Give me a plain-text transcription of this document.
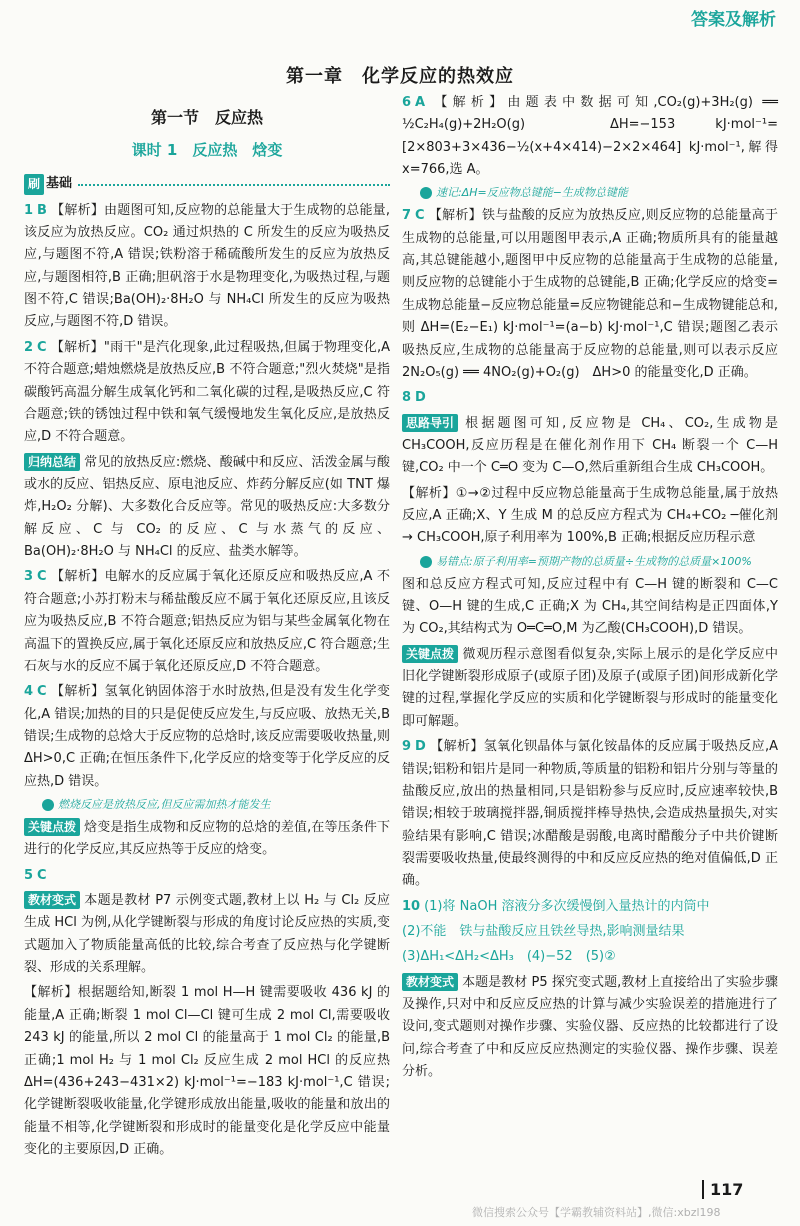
答案及解析
第一章　化学反应的热效应
第一节　反应热
课时 1　反应热　焓变
刷 基础
1 B 【解析】由题图可知,反应物的总能量大于生成物的总能量,该反应为放热反应。CO₂ 通过炽热的 C 所发生的反应为吸热反应,与题图不符,A 错误;铁粉溶于稀硫酸所发生的反应为放热反应,与题图相符,B 正确;胆矾溶于水是物理变化,为吸热过程,与题图不符,C 错误;Ba(OH)₂·8H₂O 与 NH₄Cl 所发生的反应为吸热反应,与题图不符,D 错误。
2 C 【解析】"雨干"是汽化现象,此过程吸热,但属于物理变化,A 不符合题意;蜡烛燃烧是放热反应,B 不符合题意;"烈火焚烧"是指碳酸钙高温分解生成氧化钙和二氧化碳的过程,是吸热反应,C 符合题意;铁的锈蚀过程中铁和氧气缓慢地发生氧化反应,是放热反应,D 不符合题意。
归纳总结 常见的放热反应:燃烧、酸碱中和反应、活泼金属与酸或水的反应、铝热反应、原电池反应、炸药分解反应(如 TNT 爆炸,H₂O₂ 分解)、大多数化合反应等。常见的吸热反应:大多数分解反应、C 与 CO₂ 的反应、C 与水蒸气的反应、Ba(OH)₂·8H₂O 与 NH₄Cl 的反应、盐类水解等。
3 C 【解析】电解水的反应属于氧化还原反应和吸热反应,A 不符合题意;小苏打粉末与稀盐酸反应不属于氧化还原反应,且该反应为吸热反应,B 不符合题意;铝热反应为铝与某些金属氧化物在高温下的置换反应,属于氧化还原反应和放热反应,C 符合题意;生石灰与水的反应不属于氧化还原反应,D 不符合题意。
4 C 【解析】氢氧化钠固体溶于水时放热,但是没有发生化学变化,A 错误;加热的目的只是促使反应发生,与反应吸、放热无关,B 错误;生成物的总焓大于反应物的总焓时,该反应需要吸收热量,则 ΔH>0,C 正确;在恒压条件下,化学反应的焓变等于化学反应的反应热,D 错误。
燃烧反应是放热反应,但反应需加热才能发生
关键点拨 焓变是指生成物和反应物的总焓的差值,在等压条件下进行的化学反应,其反应热等于反应的焓变。
5 C
教材变式 本题是教材 P7 示例变式题,教材上以 H₂ 与 Cl₂ 反应生成 HCl 为例,从化学键断裂与形成的角度讨论反应热的实质,变式题加入了物质能量高低的比较,综合考查了反应热与化学键断裂、形成的关系理解。
【解析】根据题给知,断裂 1 mol H—H 键需要吸收 436 kJ 的能量,A 正确;断裂 1 mol Cl—Cl 键可生成 2 mol Cl,需要吸收 243 kJ 的能量,所以 2 mol Cl 的能量高于 1 mol Cl₂ 的能量,B 正确;1 mol H₂ 与 1 mol Cl₂ 反应生成 2 mol HCl 的反应热 ΔH=(436+243−431×2) kJ·mol⁻¹=−183 kJ·mol⁻¹,C 错误;化学键断裂吸收能量,化学键形成放出能量,吸收的能量和放出的能量不相等,化学键断裂和形成时的能量变化是化学反应中能量变化的主要原因,D 正确。
6 A 【解析】由题表中数据可知,CO₂(g)+3H₂(g) ══ ½C₂H₄(g)+2H₂O(g)　ΔH=−153 kJ·mol⁻¹=[2×803+3×436−½(x+4×414)−2×2×464] kJ·mol⁻¹,解得 x=766,选 A。
速记:ΔH=反应物总键能−生成物总键能
7 C 【解析】铁与盐酸的反应为放热反应,则反应物的总能量高于生成物的总能量,可以用题图甲表示,A 正确;物质所具有的能量越高,其总键能越小,题图甲中反应物的总能量高于生成物的总能量,则反应物的总键能小于生成物的总键能,B 正确;化学反应的焓变=生成物总能量−反应物总能量=反应物键能总和−生成物键能总和,则 ΔH=(E₂−E₁) kJ·mol⁻¹=(a−b) kJ·mol⁻¹,C 错误;题图乙表示吸热反应,生成物的总能量高于反应物的总能量,则可以表示反应 2N₂O₅(g) ══ 4NO₂(g)+O₂(g)　ΔH>0 的能量变化,D 正确。
8 D
思路导引 根据题图可知,反应物是 CH₄、CO₂,生成物是 CH₃COOH,反应历程是在催化剂作用下 CH₄ 断裂一个 C—H 键,CO₂ 中一个 C═O 变为 C—O,然后重新组合生成 CH₃COOH。
【解析】①→②过程中反应物总能量高于生成物总能量,属于放热反应,A 正确;X、Y 生成 M 的总反应方程式为 CH₄+CO₂ ─催化剂→ CH₃COOH,原子利用率为 100%,B 正确;根据反应历程示意
易错点:原子利用率=预期产物的总质量÷生成物的总质量×100%
图和总反应方程式可知,反应过程中有 C—H 键的断裂和 C—C 键、O—H 键的生成,C 正确;X 为 CH₄,其空间结构是正四面体,Y 为 CO₂,其结构式为 O═C═O,M 为乙酸(CH₃COOH),D 错误。
关键点拨 微观历程示意图看似复杂,实际上展示的是化学反应中旧化学键断裂形成原子(或原子团)及原子(或原子团)间形成新化学键的过程,掌握化学反应的实质和化学键断裂与形成时的能量变化即可解题。
9 D 【解析】氢氧化钡晶体与氯化铵晶体的反应属于吸热反应,A 错误;铝粉和铝片是同一种物质,等质量的铝粉和铝片分别与等量的盐酸反应,放出的热量相同,只是铝粉参与反应时,反应速率较快,B 错误;相较于玻璃搅拌器,铜质搅拌棒导热快,会造成热量损失,对实验结果有影响,C 错误;冰醋酸是弱酸,电离时醋酸分子中共价键断裂需要吸收热量,使最终测得的中和反应反应热的绝对值偏低,D 正确。
10 (1)将 NaOH 溶液分多次缓慢倒入量热计的内筒中
(2)不能　铁与盐酸反应且铁丝导热,影响测量结果
(3)ΔH₁<ΔH₂<ΔH₃　(4)−52　(5)②
教材变式 本题是教材 P5 探究变式题,教材上直接给出了实验步骤及操作,只对中和反应反应热的计算与减少实验误差的措施进行了设问,变式题则对操作步骤、实验仪器、反应热的比较都进行了设问,综合考查了中和反应反应热测定的实验仪器、操作步骤、误差分析。
117
微信搜索公众号【学霸教辅资料站】,微信:xbzl198
